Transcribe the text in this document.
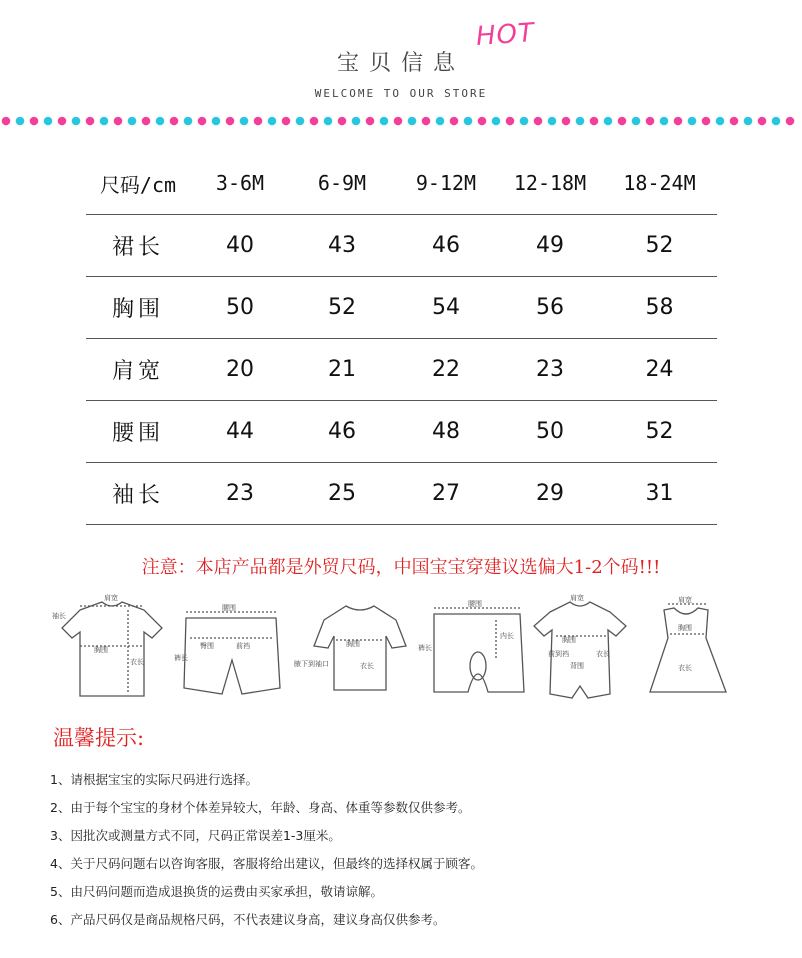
宝贝信息
HOT
WELCOME TO OUR STORE
尺码/cm	3-6M	6-9M	9-12M	12-18M	18-24M
裙长	40	43	46	49	52
胸围	50	52	54	56	58
肩宽	20	21	22	23	24
腰围	44	46	48	50	52
袖长	23	25	27	29	31
注意：本店产品都是外贸尺码，中国宝宝穿建议选偏大1-2个码!!!
肩宽
袖长
胸围
衣长
腰围
臀围	前裆
裤长
胸围
腋下到袖口	衣长
腰围
内长
裤长
肩宽
胸围
衣长
前到裆
背围
肩宽
胸围
衣长
温馨提示:
1、请根据宝宝的实际尺码进行选择。
2、由于每个宝宝的身材个体差异较大，年龄、身高、体重等参数仅供参考。
3、因批次或测量方式不同，尺码正常误差1-3厘米。
4、关于尺码问题右以咨询客服，客服将给出建议，但最终的选择权属于顾客。
5、由尺码问题而造成退换货的运费由买家承担，敬请谅解。
6、产品尺码仅是商品规格尺码，不代表建议身高，建议身高仅供参考。
